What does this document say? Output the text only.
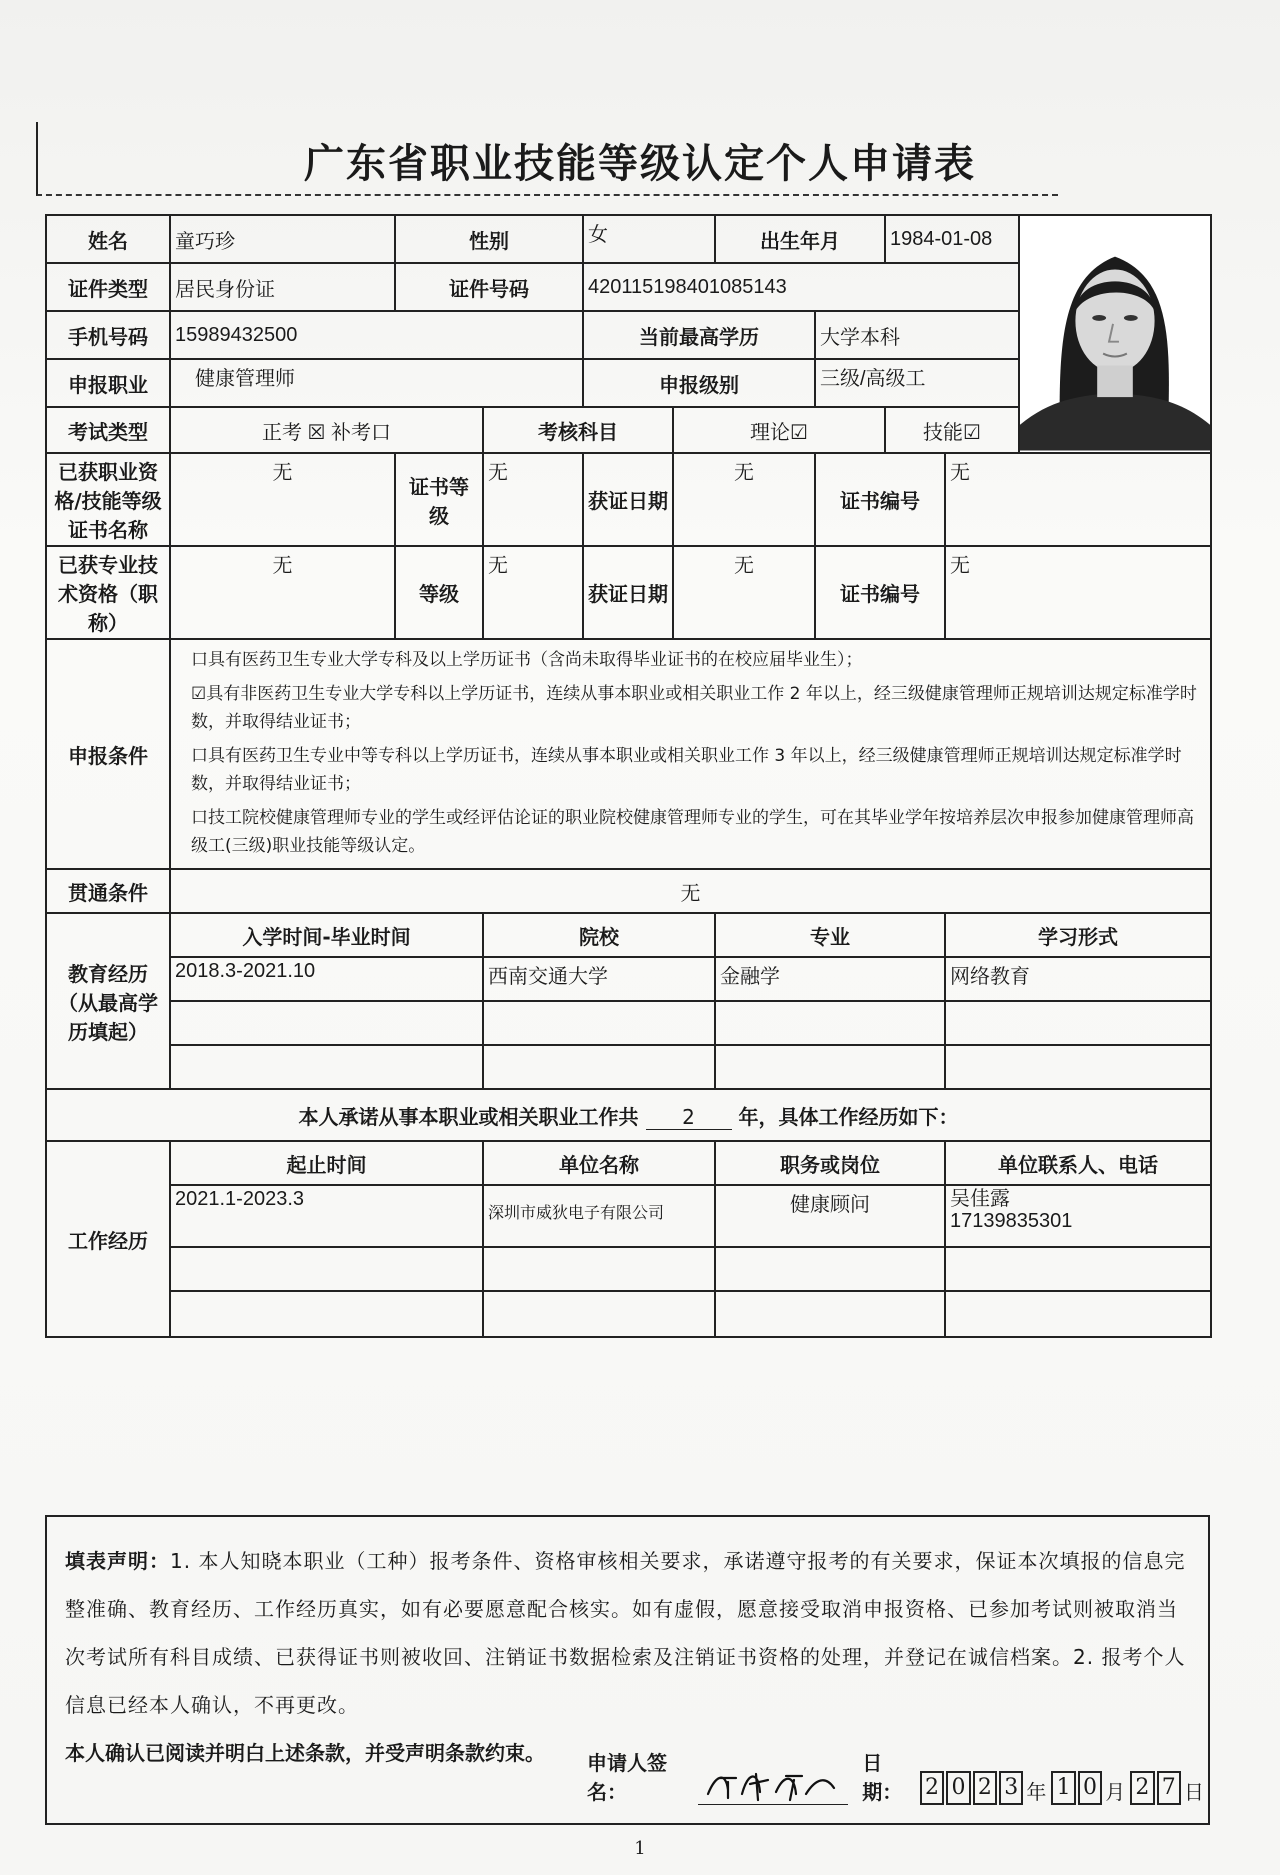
广东省职业技能等级认定个人申请表
姓名	童巧珍	性别		女		出生年月		1984-01-08	

证件类型	居民身份证	证件号码		420115198401085143						
手机号码	15989432500			当前最高学历			大学本科			
申报职业	健康管理师			申报级别			三级/高级工			
考试类型	正考 ☒ 补考口		考核科目		理论☑			技能☑		
已获职业资格/技能等级证书名称	无	证书等级	无	获证日期	无		证书编号		无	
已获专业技术资格（职称）	无	等级	无	获证日期	无		证书编号		无	
申报条件	口具有医药卫生专业大学专科及以上学历证书（含尚未取得毕业证书的在校应届毕业生）；
☑具有非医药卫生专业大学专科以上学历证书，连续从事本职业或相关职业工作 2 年以上，经三级健康管理师正规培训达规定标准学时数，并取得结业证书；
口具有医药卫生专业中等专科以上学历证书，连续从事本职业或相关职业工作 3 年以上，经三级健康管理师正规培训达规定标准学时数，并取得结业证书；
口技工院校健康管理师专业的学生或经评估论证的职业院校健康管理师专业的学生，可在其毕业学年按培养层次申报参加健康管理师高级工(三级)职业技能等级认定。									

贯通条件	无									
教育经历（从最高学历填起）	入学时间-毕业时间		院校			专业			学习形式	
	2018.3-2021.10		西南交通大学			金融学			网络教育	

本人承诺从事本职业或相关职业工作共 2 年，具体工作经历如下：										
工作经历	起止时间		单位名称			职务或岗位			单位联系人、电话	
	2021.1-2023.3		深圳市威狄电子有限公司			健康顾问			吴佳露
17139835301	

填表声明：1. 本人知晓本职业（工种）报考条件、资格审核相关要求，承诺遵守报考的有关要求，保证本次填报的信息完整准确、教育经历、工作经历真实，如有必要愿意配合核实。如有虚假，愿意接受取消申报资格、已参加考试则被取消当次考试所有科目成绩、已获得证书则被收回、注销证书数据检索及注销证书资格的处理，并登记在诚信档案。2. 报考个人信息已经本人确认，不再更改。

本人确认已阅读并明白上述条款，并受声明条款约束。	申请人签名：
日期：	2 0 2 3 年 1 0 月 2 7 日
1
